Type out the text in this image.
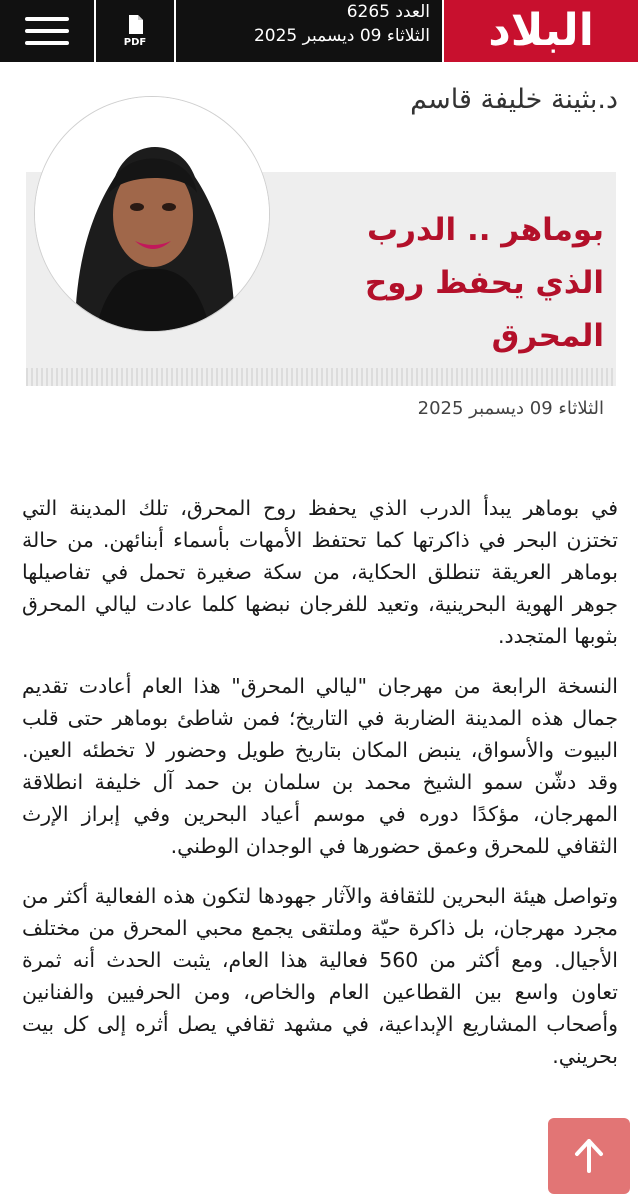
PDF
العدد 6265
الثلاثاء 09 ديسمبر 2025 البلاد
د.بثينة خليفة قاسم
بوماهر .. الدرب
الذي يحفظ روح
المحرق
الثلاثاء 09 ديسمبر 2025

في بوماهر يبدأ الدرب الذي يحفظ روح المحرق، تلك المدينة التي تختزن البحر في ذاكرتها كما تحتفظ الأمهات بأسماء أبنائهن. من حالة بوماهر العريقة تنطلق الحكاية، من سكة صغيرة تحمل في تفاصيلها جوهر الهوية البحرينية، وتعيد للفرجان نبضها كلما عادت ليالي المحرق بثوبها المتجدد.

النسخة الرابعة من مهرجان "ليالي المحرق" هذا العام أعادت تقديم جمال هذه المدينة الضاربة في التاريخ؛ فمن شاطئ بوماهر حتى قلب البيوت والأسواق، ينبض المكان بتاريخ طويل وحضور لا تخطئه العين. وقد دشّن سمو الشيخ محمد بن سلمان بن حمد آل خليفة انطلاقة المهرجان، مؤكدًا دوره في موسم أعياد البحرين وفي إبراز الإرث الثقافي للمحرق وعمق حضورها في الوجدان الوطني.

وتواصل هيئة البحرين للثقافة والآثار جهودها لتكون هذه الفعالية أكثر من مجرد مهرجان، بل ذاكرة حيّة وملتقى يجمع محبي المحرق من مختلف الأجيال. ومع أكثر من 560 فعالية هذا العام، يثبت الحدث أنه ثمرة تعاون واسع بين القطاعين العام والخاص، ومن الحرفيين والفنانين وأصحاب المشاريع الإبداعية، في مشهد ثقافي يصل أثره إلى كل بيت بحريني.
